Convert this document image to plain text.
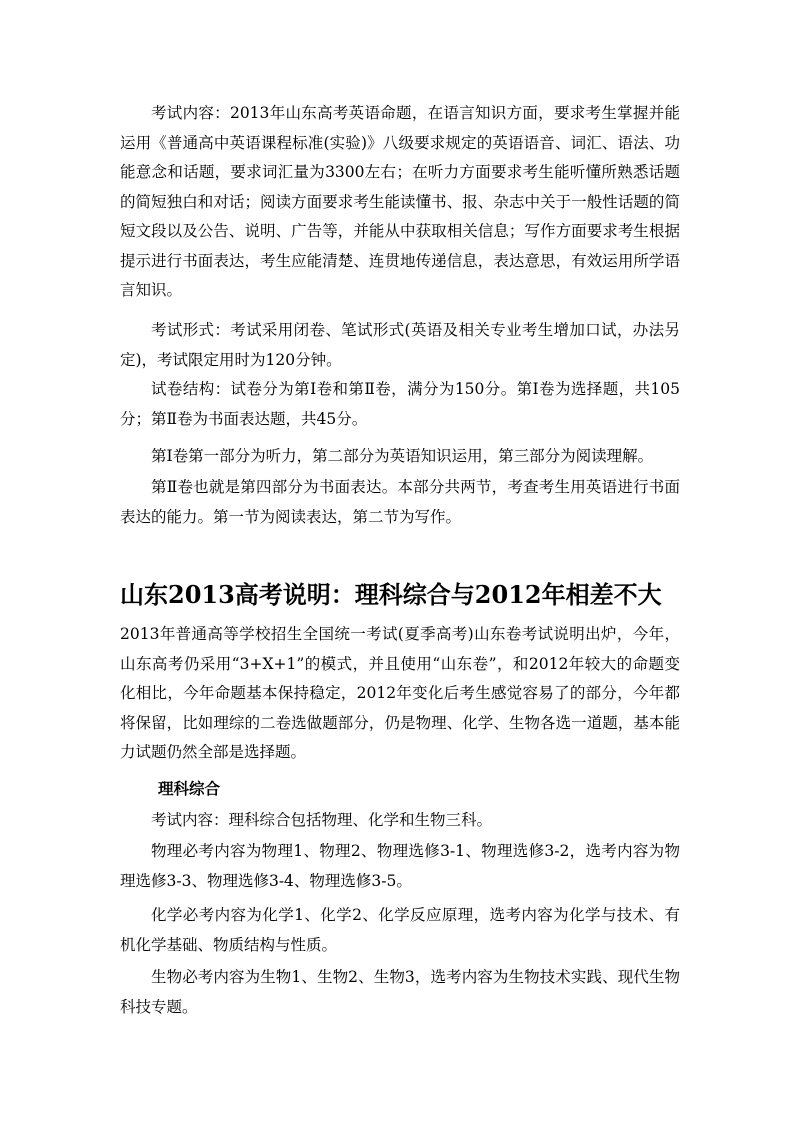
考试内容：2013年山东高考英语命题，在语言知识方面，要求考生掌握并能运用《普通高中英语课程标准(实验)》八级要求规定的英语语音、词汇、语法、功能意念和话题，要求词汇量为3300左右；在听力方面要求考生能听懂所熟悉话题的简短独白和对话；阅读方面要求考生能读懂书、报、杂志中关于一般性话题的简短文段以及公告、说明、广告等，并能从中获取相关信息；写作方面要求考生根据提示进行书面表达，考生应能清楚、连贯地传递信息，表达意思，有效运用所学语言知识。

考试形式：考试采用闭卷、笔试形式(英语及相关专业考生增加口试，办法另定)，考试限定用时为120分钟。

试卷结构：试卷分为第Ⅰ卷和第Ⅱ卷，满分为150分。第Ⅰ卷为选择题，共105分；第Ⅱ卷为书面表达题，共45分。

第Ⅰ卷第一部分为听力，第二部分为英语知识运用，第三部分为阅读理解。

第Ⅱ卷也就是第四部分为书面表达。本部分共两节，考查考生用英语进行书面表达的能力。第一节为阅读表达，第二节为写作。

山东2013高考说明：理科综合与2012年相差不大

2013年普通高等学校招生全国统一考试(夏季高考)山东卷考试说明出炉，今年，山东高考仍采用“3+X+1”的模式，并且使用“山东卷”，和2012年较大的命题变化相比，今年命题基本保持稳定，2012年变化后考生感觉容易了的部分，今年都将保留，比如理综的二卷选做题部分，仍是物理、化学、生物各选一道题，基本能力试题仍然全部是选择题。

理科综合

考试内容：理科综合包括物理、化学和生物三科。

物理必考内容为物理1、物理2、物理选修3-1、物理选修3-2，选考内容为物理选修3-3、物理选修3-4、物理选修3-5。

化学必考内容为化学1、化学2、化学反应原理，选考内容为化学与技术、有机化学基础、物质结构与性质。

生物必考内容为生物1、生物2、生物3，选考内容为生物技术实践、现代生物科技专题。
